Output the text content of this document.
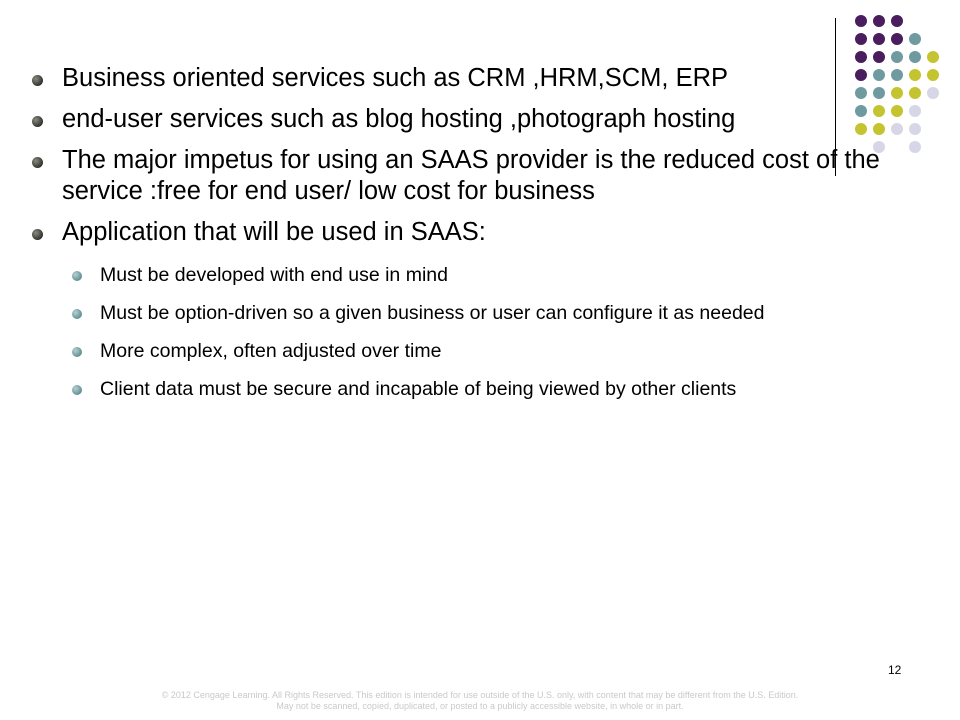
Business oriented services such as CRM ,HRM,SCM, ERP
end-user services such as blog hosting ,photograph hosting
The major impetus for using an SAAS provider is the reduced cost of the service :free for end user/ low cost for business
Application that will be used in SAAS:
Must be developed with end use in mind
Must be option-driven so a given business or user can configure it as needed
More complex, often adjusted over time
Client data must be secure and incapable of being viewed by other clients
12
© 2012 Cengage Learning. All Rights Reserved. This edition is intended for use outside of the U.S. only, with content that may be different from the U.S. Edition.
May not be scanned, copied, duplicated, or posted to a publicly accessible website, in whole or in part.
